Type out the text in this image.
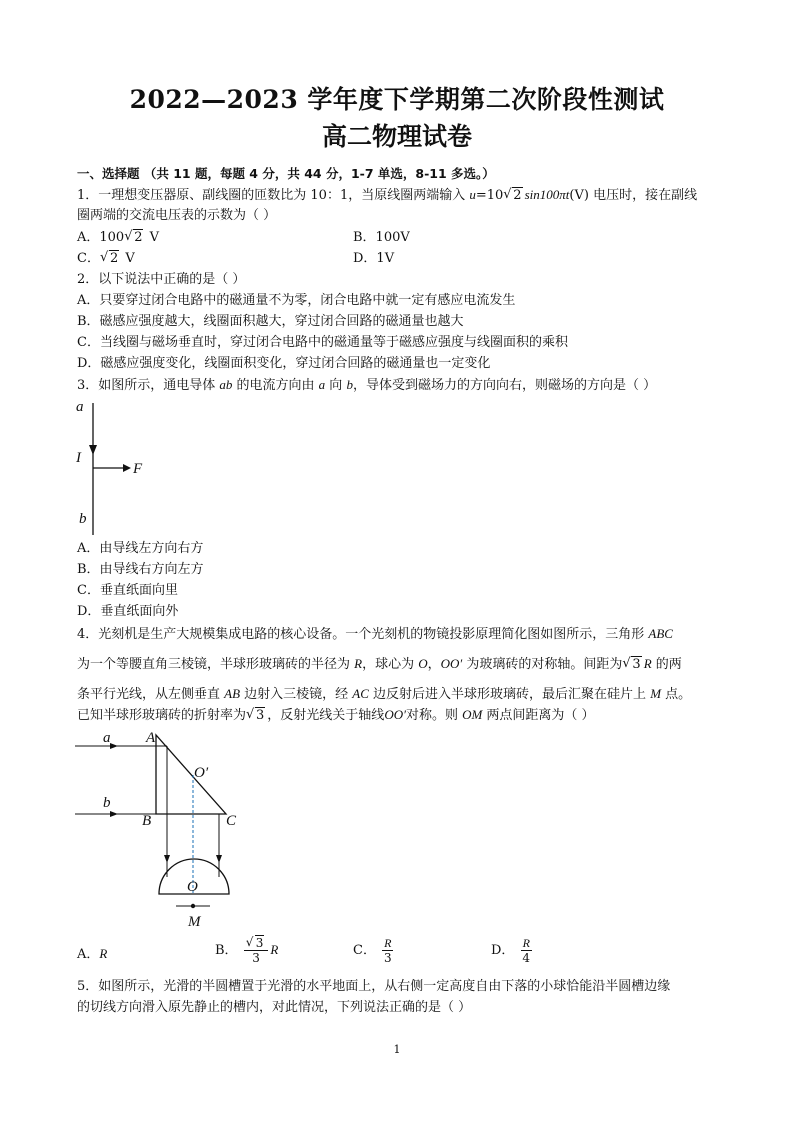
2022—2023 学年度下学期第二次阶段性测试
高二物理试卷
一、选择题 （共 11 题，每题 4 分，共 44 分，1-7 单选，8-11 多选。）
1．一理想变压器原、副线圈的匝数比为 10：1，当原线圈两端输入 u=10 √ 2 sin100πt(V) 电压时，接在副线
圈两端的交流电压表的示数为（ ）
A．100 √ 2 V	B．100V
C． √ 2 V	D．1V
2．以下说法中正确的是（ ）
A．只要穿过闭合电路中的磁通量不为零，闭合电路中就一定有感应电流发生
B．磁感应强度越大，线圈面积越大，穿过闭合回路的磁通量也越大
C．当线圈与磁场垂直时，穿过闭合电路中的磁通量等于磁感应强度与线圈面积的乘积
D．磁感应强度变化，线圈面积变化，穿过闭合回路的磁通量也一定变化
3．如图所示，通电导体 ab 的电流方向由 a 向 b，导体受到磁场力的方向向右，则磁场的方向是（ ）
a
I
F
b
A．由导线左方向右方
B．由导线右方向左方
C．垂直纸面向里
D．垂直纸面向外
4．光刻机是生产大规模集成电路的核心设备。一个光刻机的物镜投影原理简化图如图所示，三角形 ABC
为一个等腰直角三棱镜，半球形玻璃砖的半径为 R，球心为 O，OO′ 为玻璃砖的对称轴。间距为 √ 3 R 的两
条平行光线，从左侧垂直 AB 边射入三棱镜，经 AC 边反射后进入半球形玻璃砖，最后汇聚在硅片上 M 点。
已知半球形玻璃砖的折射率为 √ 3 ，反射光线关于轴线OO′对称。则 OM 两点间距离为（ ）
a
b
A
B	C
O′
O
M
A．R	B． √ $\frac{3}{3}$ R	C． $\frac{R}{3}$	D． $\frac{R}{4}$
5．如图所示，光滑的半圆槽置于光滑的水平地面上，从右侧一定高度自由下落的小球恰能沿半圆槽边缘
的切线方向滑入原先静止的槽内，对此情况，下列说法正确的是（ ）
1
